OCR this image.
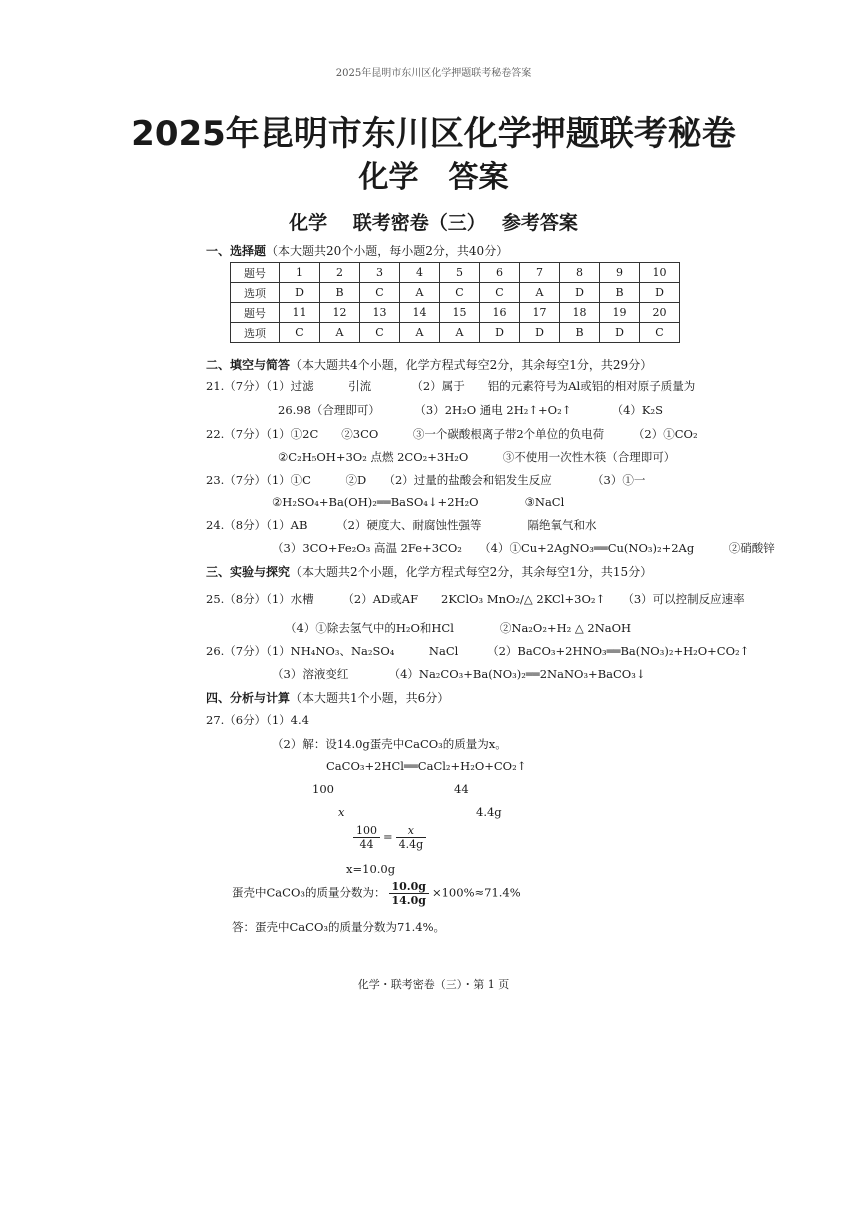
2025年昆明市东川区化学押题联考秘卷答案
2025年昆明市东川区化学押题联考秘卷
化学　答案
化学　 联考密卷（三）　 参考答案
一、选择题（本大题共20个小题，每小题2分，共40分）
题号	1	2	3	4	5	6	7	8	9	10
选项	D	B	C	A	C	C	A	D	B	D
题号	11	12	13	14	15	16	17	18	19	20
选项	C	A	C	A	A	D	D	B	D	C
二、填空与简答（本大题共4个小题，化学方程式每空2分，其余每空1分，共29分）
21.（7分）（1）过滤　　　引流　　　　（2）属于　　铝的元素符号为Al或铝的相对原子质量为
26.98（合理即可）　　　　（3）2H₂O 通电 2H₂↑+O₂↑　　　　（4）K₂S
22.（7分）（1）①2C　　②3CO　　　③一个碳酸根离子带2个单位的负电荷　　　（2）①CO₂
②C₂H₅OH+3O₂ 点燃 2CO₂+3H₂O　　　③不使用一次性木筷（合理即可）
23.（7分）（1）①C　　　②D　　（2）过量的盐酸会和铝发生反应　　　　（3）①一
②H₂SO₄+Ba(OH)₂══BaSO₄↓+2H₂O　　　　③NaCl
24.（8分）（1）AB　　　（2）硬度大、耐腐蚀性强等　　　　隔绝氧气和水
（3）3CO+Fe₂O₃ 高温 2Fe+3CO₂　　（4）①Cu+2AgNO₃══Cu(NO₃)₂+2Ag　　　②硝酸锌
三、实验与探究（本大题共2个小题，化学方程式每空2分，其余每空1分，共15分）
25.（8分）（1）水槽　　　（2）AD或AF　　2KClO₃ MnO₂/△ 2KCl+3O₂↑　　（3）可以控制反应速率
（4）①除去氢气中的H₂O和HCl　　　　②Na₂O₂+H₂ △ 2NaOH
26.（7分）（1）NH₄NO₃、Na₂SO₄　　　NaCl　　　（2）BaCO₃+2HNO₃══Ba(NO₃)₂+H₂O+CO₂↑
（3）溶液变红　　　　（4）Na₂CO₃+Ba(NO₃)₂══2NaNO₃+BaCO₃↓
四、分析与计算（本大题共1个小题，共6分）
27.（6分）（1）4.4
（2）解：设14.0g蛋壳中CaCO₃的质量为x。
CaCO₃+2HCl══CaCl₂+H₂O+CO₂↑
100	44
x	4.4g
$\frac{100}{44} = \frac{x}{4.4g}$
x=10.0g
蛋壳中CaCO₃的质量分数为： $\frac{10.0g}{14.0g} \times 100\%\approx 71.4\%$
答：蛋壳中CaCO₃的质量分数为71.4%。
化学・联考密卷（三）・第 1 页
